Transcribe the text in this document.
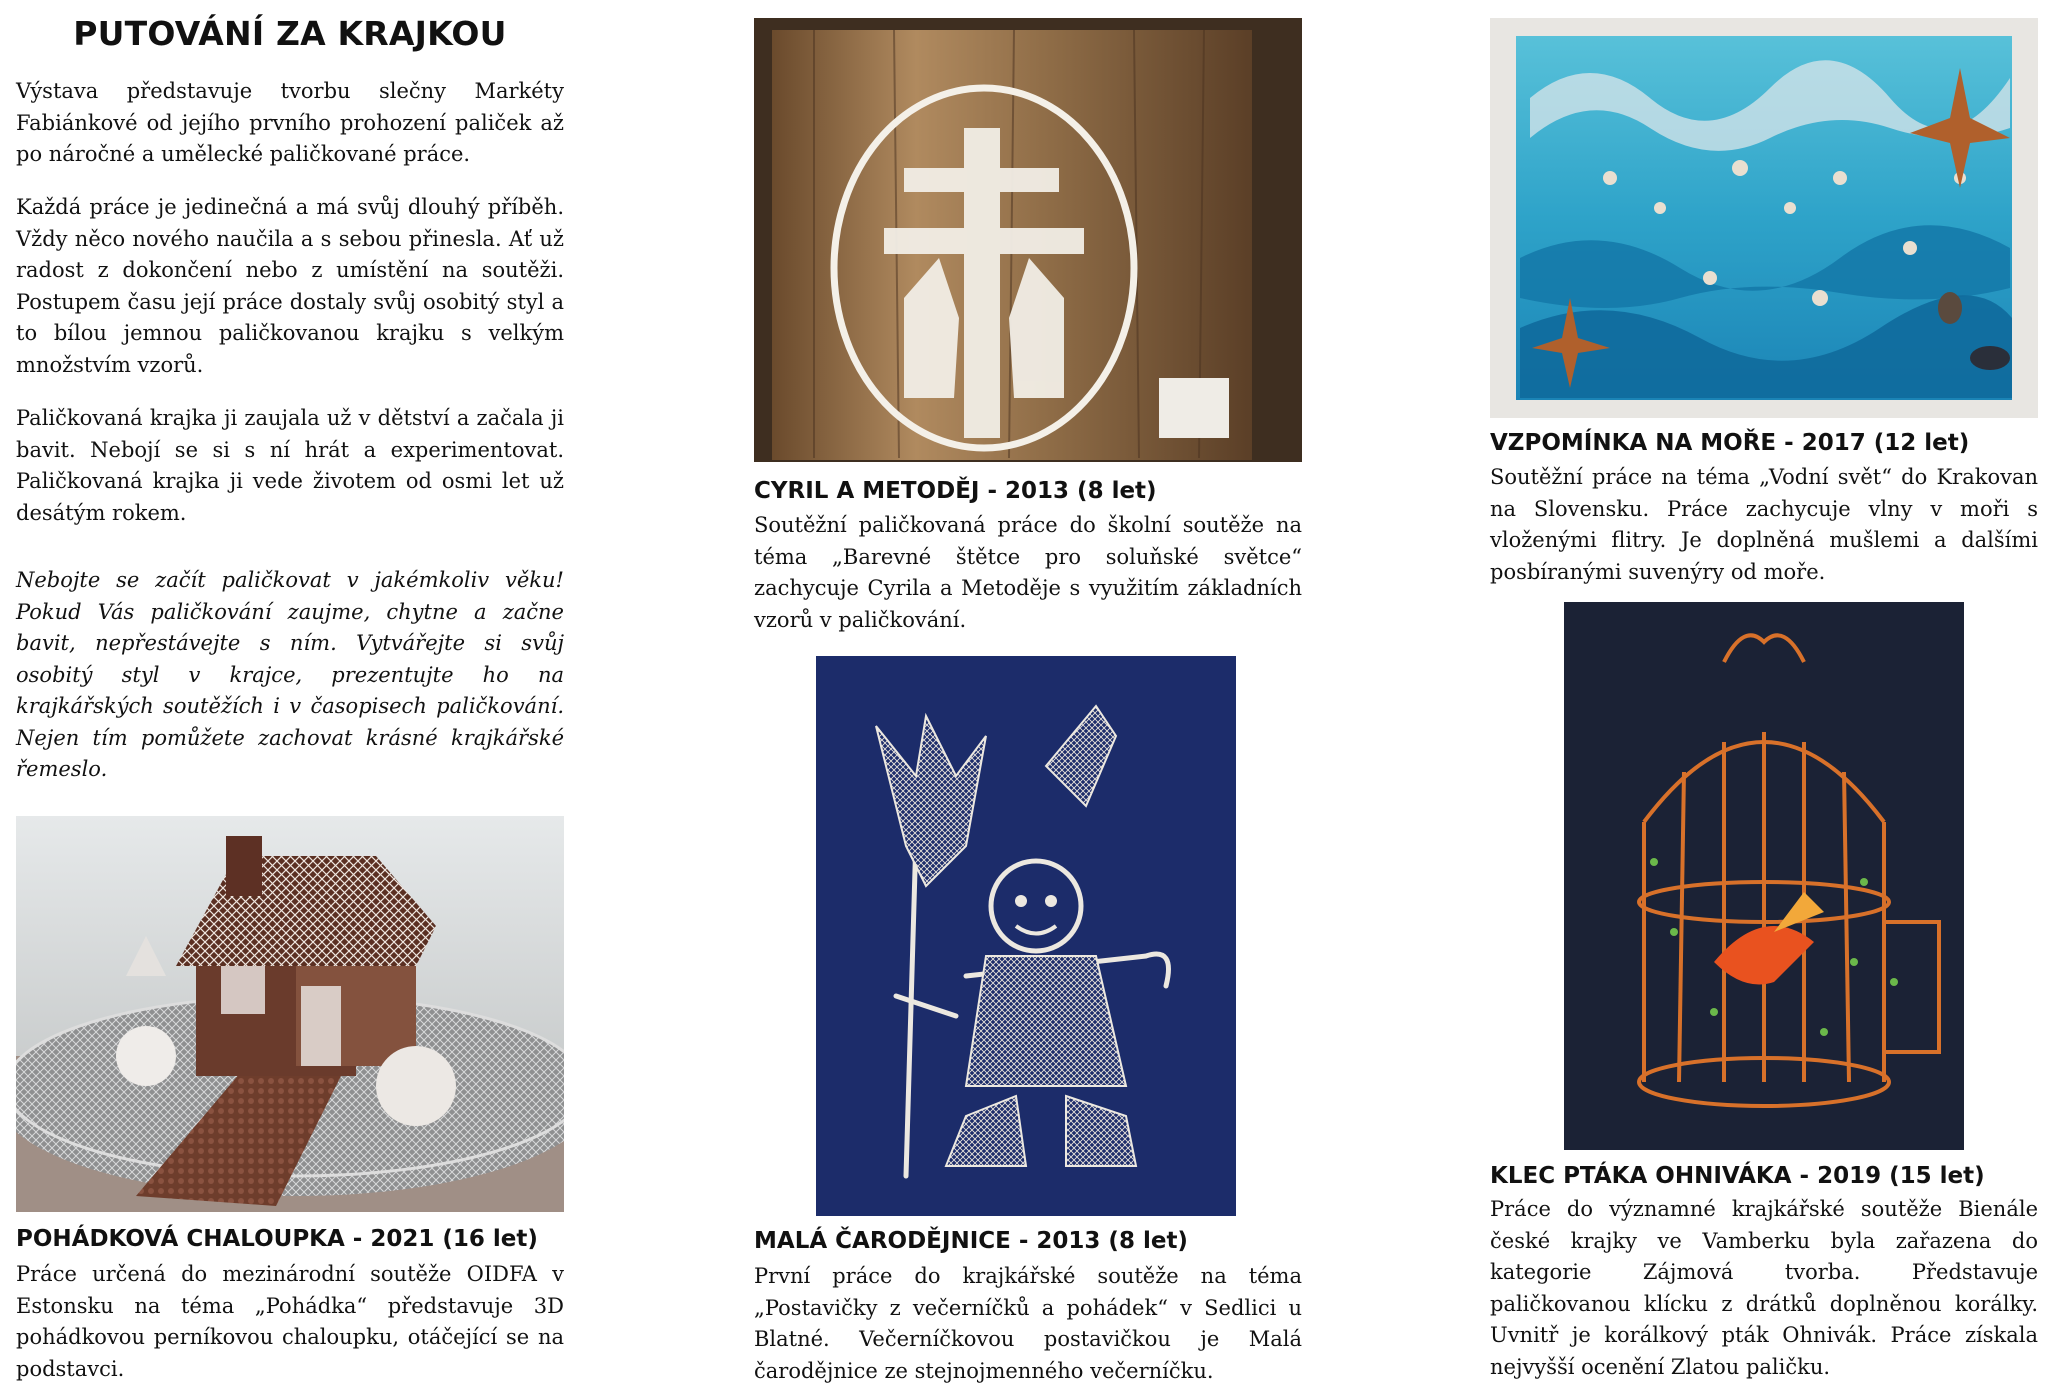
PUTOVÁNÍ ZA KRAJKOU

Výstava představuje tvorbu slečny Markéty Fabiánkové od jejího prvního prohození paliček až po náročné a umělecké paličkované práce.

Každá práce je jedinečná a má svůj dlouhý příběh. Vždy něco nového naučila a s sebou přinesla. Ať už radost z dokončení nebo z umístění na soutěži. Postupem času její práce dostaly svůj osobitý styl a to bílou jemnou paličkovanou krajku s velkým množstvím vzorů.

Paličkovaná krajka ji zaujala už v dětství a začala ji bavit. Nebojí se si s ní hrát a experimentovat. Paličkovaná krajka ji vede životem od osmi let už desátým rokem.

Nebojte se začít paličkovat v jakémkoliv věku! Pokud Vás paličkování zaujme, chytne a začne bavit, nepřestávejte s ním. Vytvářejte si svůj osobitý styl v krajce, prezentujte ho na krajkářských soutěžích i v časopisech paličkování. Nejen tím pomůžete zachovat krásné krajkářské řemeslo.

POHÁDKOVÁ CHALOUPKA - 2021 (16 let)

Práce určená do mezinárodní soutěže OIDFA v Estonsku na téma „Pohádka“ představuje 3D pohádkovou perníkovou chaloupku, otáčející se na podstavci.

CYRIL A METODĚJ - 2013 (8 let)

Soutěžní paličkovaná práce do školní soutěže na téma „Barevné štětce pro soluňské světce“ zachycuje Cyrila a Metoděje s využitím základních vzorů v paličkování.

MALÁ ČARODĚJNICE - 2013 (8 let)

První práce do krajkářské soutěže na téma „Postavičky z večerníčků a pohádek“ v Sedlici u Blatné. Večerníčkovou postavičkou je Malá čarodějnice ze stejnojmenného večerníčku.

VZPOMÍNKA NA MOŘE - 2017 (12 let)

Soutěžní práce na téma „Vodní svět“ do Krakovan na Slovensku. Práce zachycuje vlny v moři s vloženými flitry. Je doplněná mušlemi a dalšími posbíranými suvenýry od moře.

KLEC PTÁKA OHNIVÁKA - 2019 (15 let)

Práce do významné krajkářské soutěže Bienále české krajky ve Vamberku byla zařazena do kategorie Zájmová tvorba. Představuje paličkovanou klícku z drátků doplněnou korálky. Uvnitř je korálkový pták Ohnivák. Práce získala nejvyšší ocenění Zlatou paličku.
